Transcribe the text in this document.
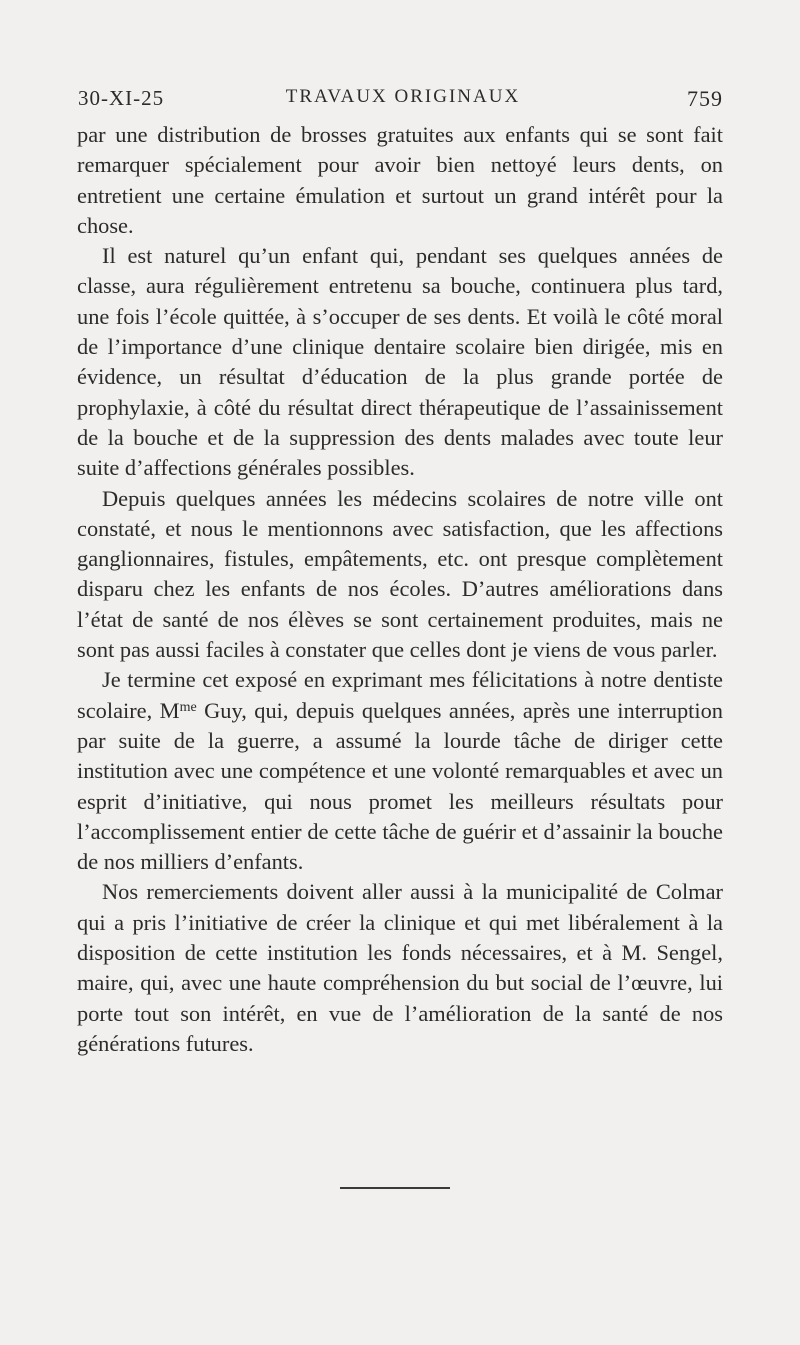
30-XI-25	TRAVAUX ORIGINAUX	759

par une distribution de brosses gratuites aux enfants qui se sont fait remarquer spécialement pour avoir bien nettoyé leurs dents, on entretient une certaine émulation et surtout un grand intérêt pour la chose.

Il est naturel qu’un enfant qui, pendant ses quelques années de classe, aura régulièrement entretenu sa bouche, continuera plus tard, une fois l’école quittée, à s’occuper de ses dents. Et voilà le côté moral de l’importance d’une clinique dentaire scolaire bien dirigée, mis en évidence, un résultat d’éducation de la plus grande portée de prophylaxie, à côté du résultat direct thérapeutique de l’assainissement de la bouche et de la suppression des dents malades avec toute leur suite d’affections générales possibles.

Depuis quelques années les médecins scolaires de notre ville ont constaté, et nous le mentionnons avec satisfaction, que les affections ganglionnaires, fistules, empâtements, etc. ont presque complètement disparu chez les enfants de nos écoles. D’autres améliorations dans l’état de santé de nos élèves se sont certainement produites, mais ne sont pas aussi faciles à constater que celles dont je viens de vous parler.

Je termine cet exposé en exprimant mes félicitations à notre dentiste scolaire, $M^{me}$ Guy, qui, depuis quelques années, après une interruption par suite de la guerre, a assumé la lourde tâche de diriger cette institution avec une compétence et une volonté remarquables et avec un esprit d’initiative, qui nous promet les meilleurs résultats pour l’accomplissement entier de cette tâche de guérir et d’assainir la bouche de nos milliers d’enfants.

Nos remerciements doivent aller aussi à la municipalité de Colmar qui a pris l’initiative de créer la clinique et qui met libéralement à la disposition de cette institution les fonds nécessaires, et à M. Sengel, maire, qui, avec une haute compréhension du but social de l’œuvre, lui porte tout son intérêt, en vue de l’amélioration de la santé de nos générations futures.
